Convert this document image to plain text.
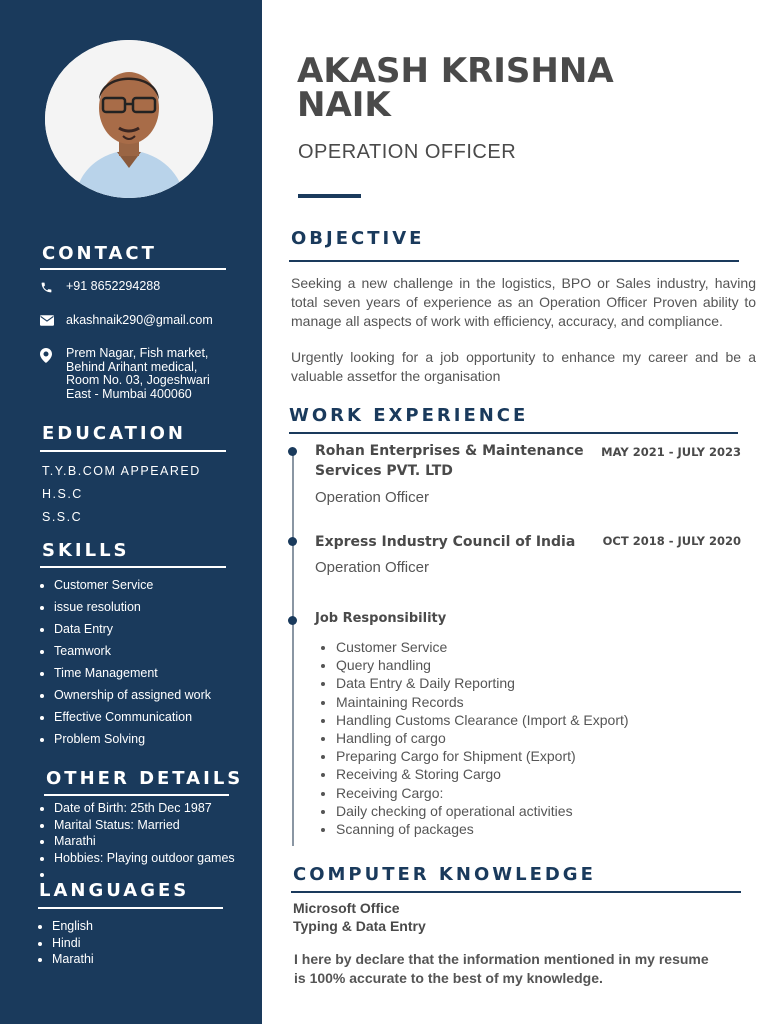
CONTACT
+91 8652294288
akashnaik290@gmail.com
Prem Nagar, Fish market,
Behind Arihant medical,
Room No. 03, Jogeshwari
East - Mumbai 400060
EDUCATION
T.Y.B.COM APPEARED
H.S.C
S.S.C
SKILLS
• Customer Service
• issue resolution
• Data Entry
• Teamwork
• Time Management
• Ownership of assigned work
• Effective Communication
• Problem Solving
OTHER DETAILS
• Date of Birth: 25th Dec 1987
• Marital Status: Married
• Marathi
• Hobbies: Playing outdoor games
•
LANGUAGES
• English
• Hindi
• Marathi
AKASH KRISHNA
NAIK
OPERATION OFFICER
OBJECTIVE

Seeking a new challenge in the logistics, BPO or Sales industry, having total seven years of experience as an Operation Officer Proven ability to manage all aspects of work with efficiency, accuracy, and compliance.

Urgently looking for a job opportunity to enhance my career and be a valuable assetfor the organisation

WORK EXPERIENCE
Rohan Enterprises & Maintenance Services PVT. LTD
MAY 2021 - JULY 2023
Operation Officer
Express Industry Council of India	OCT 2018 - JULY 2020
Operation Officer
Job Responsibility
• Customer Service
• Query handling
• Data Entry & Daily Reporting
• Maintaining Records
• Handling Customs Clearance (Import & Export)
• Handling of cargo
• Preparing Cargo for Shipment (Export)
• Receiving & Storing Cargo
• Receiving Cargo:
• Daily checking of operational activities
• Scanning of packages
COMPUTER KNOWLEDGE
Microsoft Office
Typing & Data Entry

I here by declare that the information mentioned in my resume is 100% accurate to the best of my knowledge.
